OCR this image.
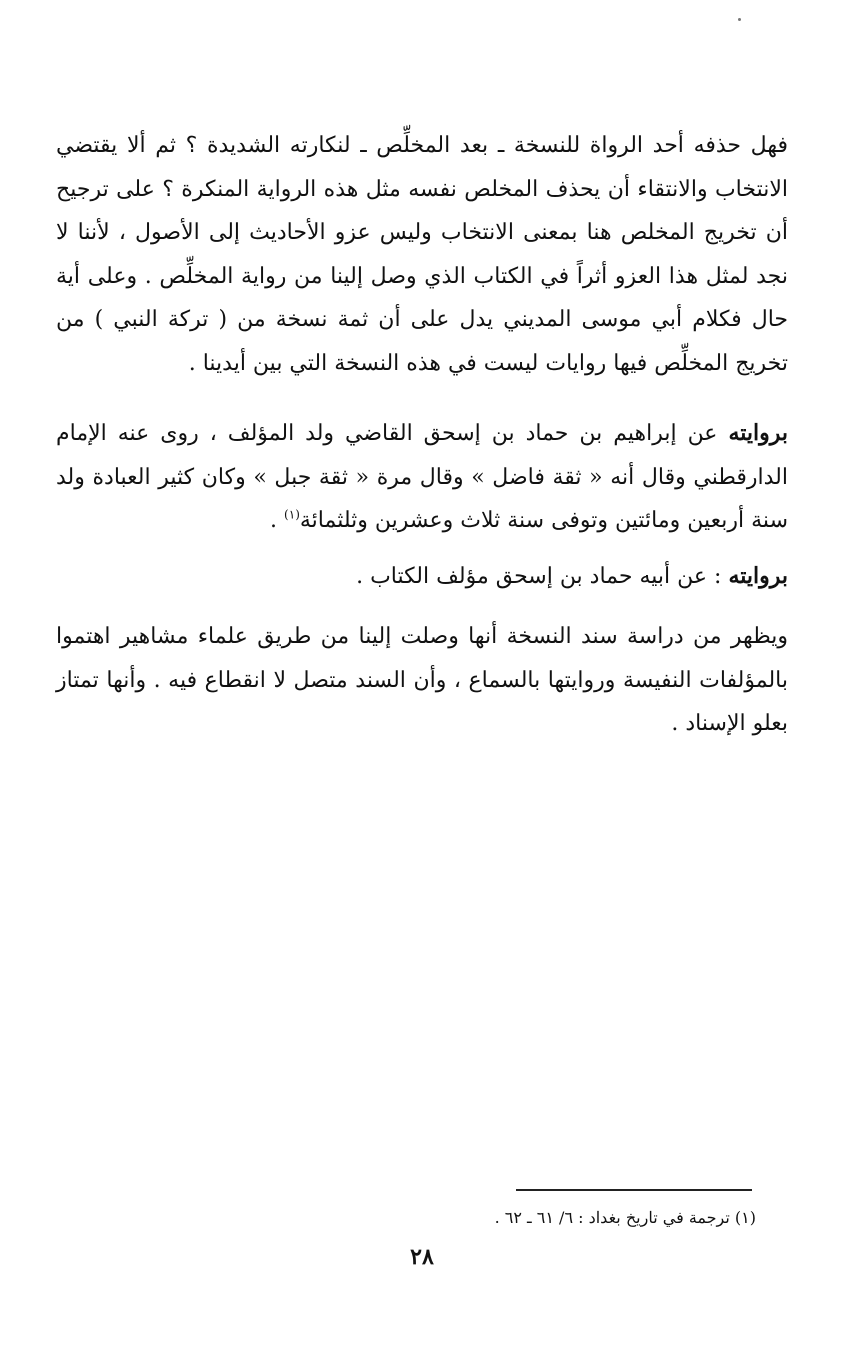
فهل حذفه أحد الرواة للنسخة ـ بعد المخلِّص ـ لنكارته الشديدة ؟ ثم ألا يقتضي الانتخاب والانتقاء أن يحذف المخلص نفسه مثل هذه الرواية المنكرة ؟ على ترجيح أن تخريج المخلص هنا بمعنى الانتخاب وليس عزو الأحاديث إلى الأصول ، لأننا لا نجد لمثل هذا العزو أثراً في الكتاب الذي وصل إلينا من رواية المخلِّص . وعلى أية حال فكلام أبي موسى المديني يدل على أن ثمة نسخة من ( تركة النبي ) من تخريج المخلِّص فيها روايات ليست في هذه النسخة التي بين أيدينا .

بروايته عن إبراهيم بن حماد بن إسحق القاضي ولد المؤلف ، روى عنه الإمام الدارقطني وقال أنه « ثقة فاضل » وقال مرة « ثقة جبل » وكان كثير العبادة ولد سنة أربعين ومائتين وتوفى سنة ثلاث وعشرين وثلثمائة$^{(١)}$ .

بروايته : عن أبيه حماد بن إسحق مؤلف الكتاب .

ويظهر من دراسة سند النسخة أنها وصلت إلينا من طريق علماء مشاهير اهتموا بالمؤلفات النفيسة وروايتها بالسماع ، وأن السند متصل لا انقطاع فيه . وأنها تمتاز بعلو الإسناد .

(١) ترجمة في تاريخ بغداد : ٦/ ٦١ ـ ٦٢ .
٢٨
